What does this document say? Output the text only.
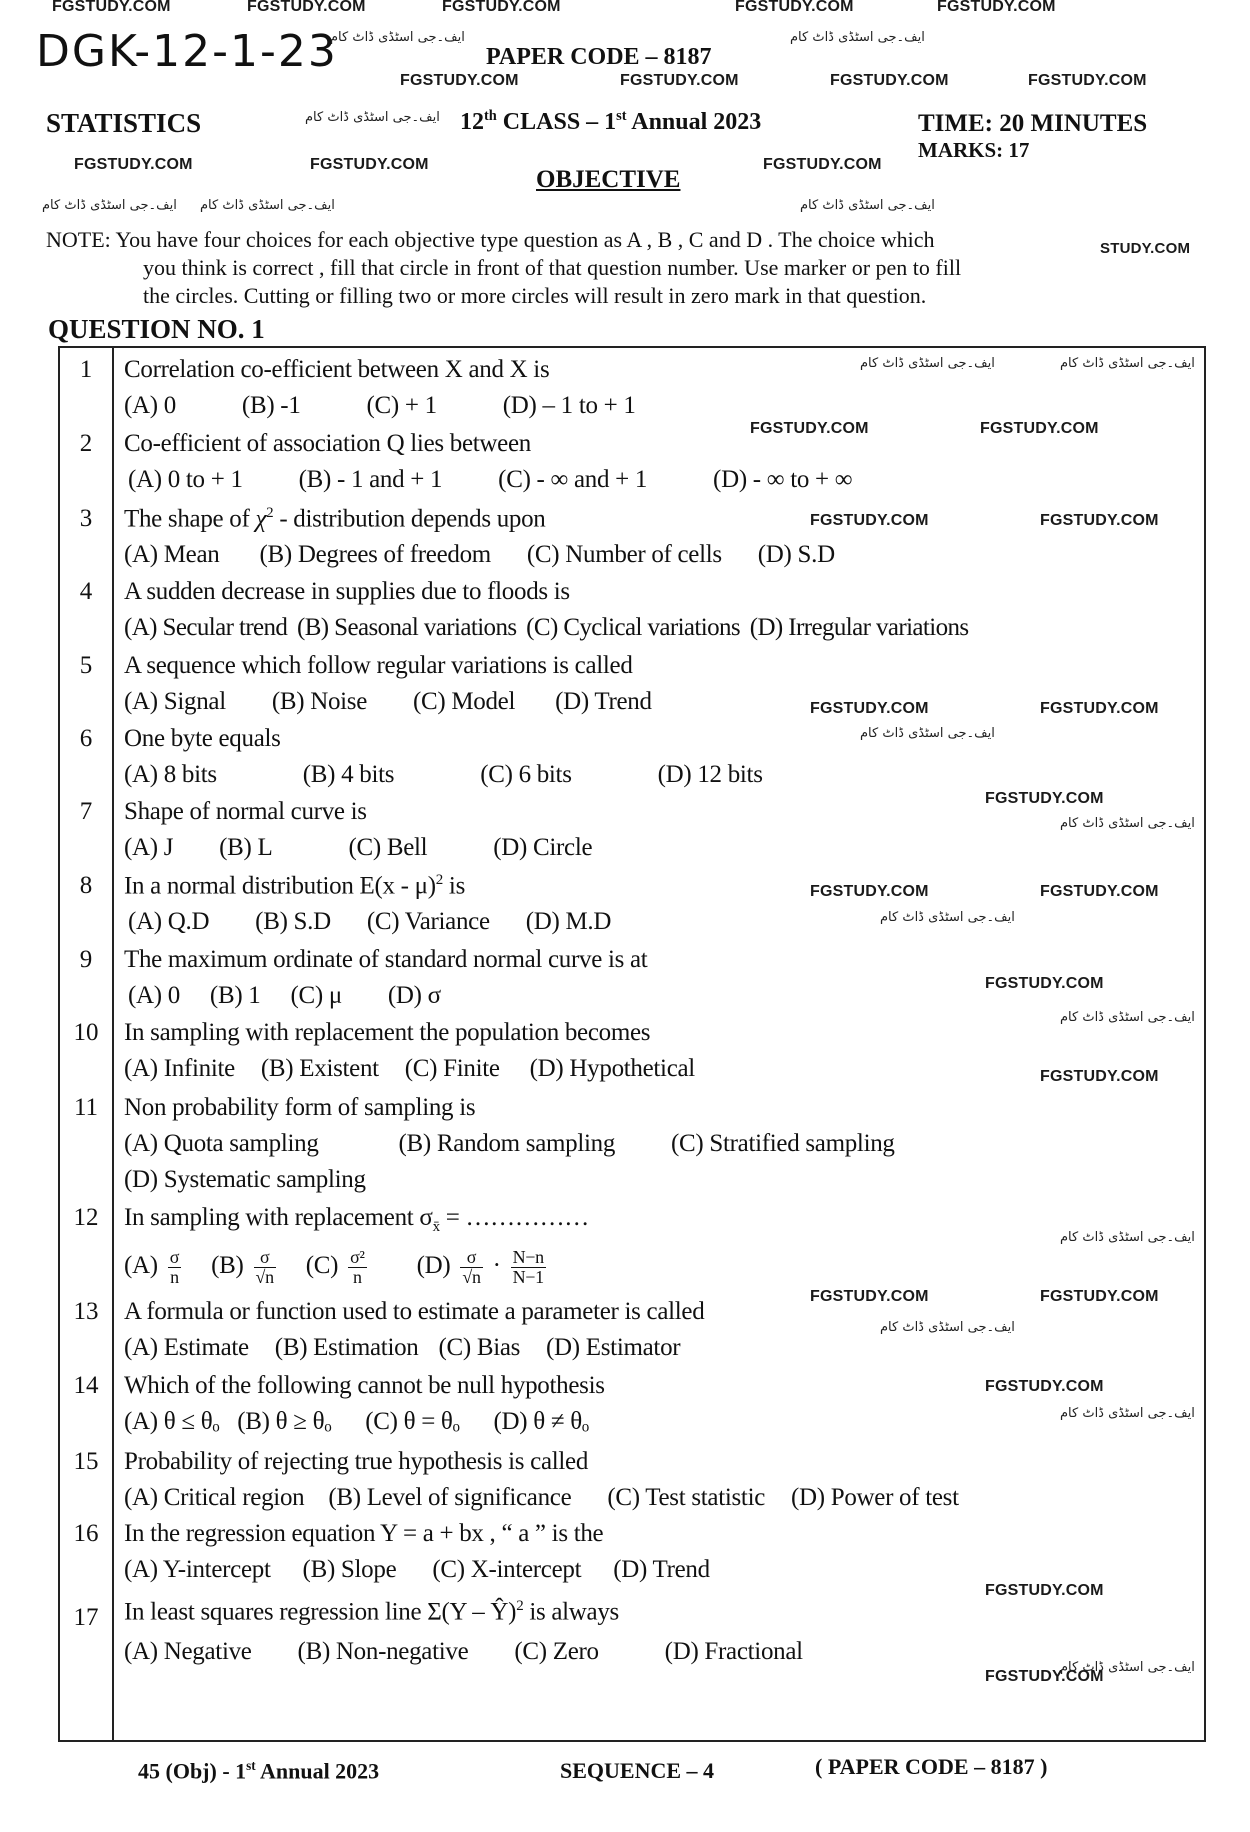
FGSTUDY.COM	FGSTUDY.COM	FGSTUDY.COM	FGSTUDY.COM	FGSTUDY.COM
DGK-12-1-23
ایف۔جی اسٹڈی ڈاٹ کام	ایف۔جی اسٹڈی ڈاٹ کام
PAPER CODE – 8187
FGSTUDY.COM	FGSTUDY.COM	FGSTUDY.COM	FGSTUDY.COM
STATISTICS	ایف۔جی اسٹڈی ڈاٹ کام 12th CLASS – 1st Annual 2023	TIME: 20 MINUTES
MARKS: 17
FGSTUDY.COM	FGSTUDY.COM	FGSTUDY.COM
OBJECTIVE
ایف۔جی اسٹڈی ڈاٹ کام ایف۔جی اسٹڈی ڈاٹ کام	ایف۔جی اسٹڈی ڈاٹ کام
NOTE: You have four choices for each objective type question as A , B , C and D . The choice which
you think is correct , fill that circle in front of that question number. Use marker or pen to fill
the circles. Cutting or filling two or more circles will result in zero mark in that question.
STUDY.COM
QUESTION NO. 1
1	Correlation co-efficient between X and X is
(A) 0	(B) -1	(C) + 1	(D) – 1 to + 1
2	Co-efficient of association Q lies between
(A) 0 to + 1 (B) - 1 and + 1 (C) - ∞ and + 1	(D) - ∞ to + ∞
3	The shape of $\chi^2$ - distribution depends upon
(A) Mean (B) Degrees of freedom (C) Number of cells (D) S.D
4	A sudden decrease in supplies due to floods is
(A) Secular trend (B) Seasonal variations (C) Cyclical variations (D) Irregular variations
5	A sequence which follow regular variations is called
(A) Signal (B) Noise (C) Model (D) Trend
6	One byte equals
(A) 8 bits	(B) 4 bits	(C) 6 bits	(D) 12 bits
7	Shape of normal curve is
(A) J (B) L	(C) Bell	(D) Circle
8	In a normal distribution E(x - μ)$^2$ is
(A) Q.D (B) S.D (C) Variance (D) M.D
9	The maximum ordinate of standard normal curve is at
(A) 0 (B) 1 (C) μ (D) σ
10	In sampling with replacement the population becomes
(A) Infinite (B) Existent (C) Finite (D) Hypothetical
11	Non probability form of sampling is
(A) Quota sampling	(B) Random sampling (C) Stratified sampling
(D) Systematic sampling
12	In sampling with replacement $\sigma_{x̄}$ = ……………
$(A) \frac{\sigma}{n} (B) \frac{\sigma}{√n} (C) \frac{\text{σ²}}{n} (D) \frac{\sigma}{√n} \cdot \frac{N-n}{N-1}$
13	A formula or function used to estimate a parameter is called
(A) Estimate (B) Estimation (C) Bias (D) Estimator
14	Which of the following cannot be null hypothesis
(A) θ ≤ θₒ (B) θ ≥ θₒ (C) θ = θₒ (D) θ ≠ θₒ
15	Probability of rejecting true hypothesis is called
(A) Critical region (B) Level of significance (C) Test statistic (D) Power of test
16	In the regression equation Y = a + bx , “ a ” is the
(A) Y-intercept (B) Slope (C) X-intercept (D) Trend
17	In least squares regression line Σ(Y – Ŷ)$^2$ is always
(A) Negative (B) Non-negative (C) Zero	(D) Fractional
FGSTUDY.COM	FGSTUDY.COM
FGSTUDY.COM	FGSTUDY.COM
FGSTUDY.COM	FGSTUDY.COM
FGSTUDY.COM
FGSTUDY.COM	FGSTUDY.COM
FGSTUDY.COM
FGSTUDY.COM
FGSTUDY.COM	FGSTUDY.COM
FGSTUDY.COM
FGSTUDY.COM
FGSTUDY.COM
ایف۔جی اسٹڈی ڈاٹ کام	ایف۔جی اسٹڈی ڈاٹ کام
ایف۔جی اسٹڈی ڈاٹ کام
ایف۔جی اسٹڈی ڈاٹ کام
ایف۔جی اسٹڈی ڈاٹ کام
ایف۔جی اسٹڈی ڈاٹ کام
ایف۔جی اسٹڈی ڈاٹ کام
ایف۔جی اسٹڈی ڈاٹ کام
ایف۔جی اسٹڈی ڈاٹ کام
ایف۔جی اسٹڈی ڈاٹ کام
45 (Obj) - 1st Annual 2023	SEQUENCE – 4	( PAPER CODE – 8187 )
